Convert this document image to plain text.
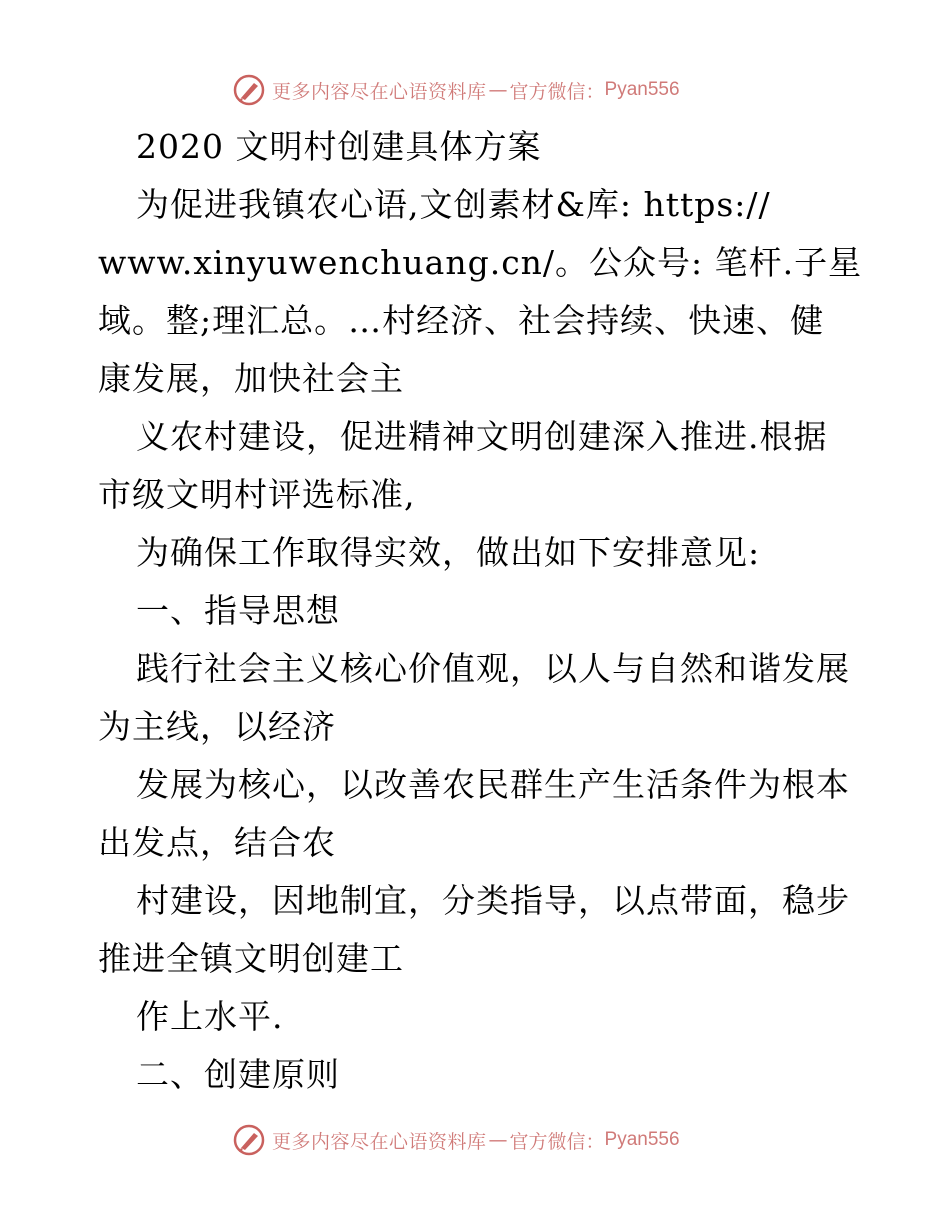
更多内容尽在心语资料库 — 官方微信： Pyan556
2020 文明村创建具体方案
为促进我镇农心语,文创素材&库: https://
www.xinyuwenchuang.cn/。公众号: 笔杆.子星
域。整;理汇总。…村经济、社会持续、快速、健
康发展，加快社会主
义农村建设，促进精神文明创建深入推进.根据
市级文明村评选标准,
为确保工作取得实效，做出如下安排意见:
一、指导思想
践行社会主义核心价值观，以人与自然和谐发展
为主线，以经济
发展为核心，以改善农民群生产生活条件为根本
出发点，结合农
村建设，因地制宜，分类指导，以点带面，稳步
推进全镇文明创建工
作上水平.
二、创建原则
更多内容尽在心语资料库 — 官方微信： Pyan556
